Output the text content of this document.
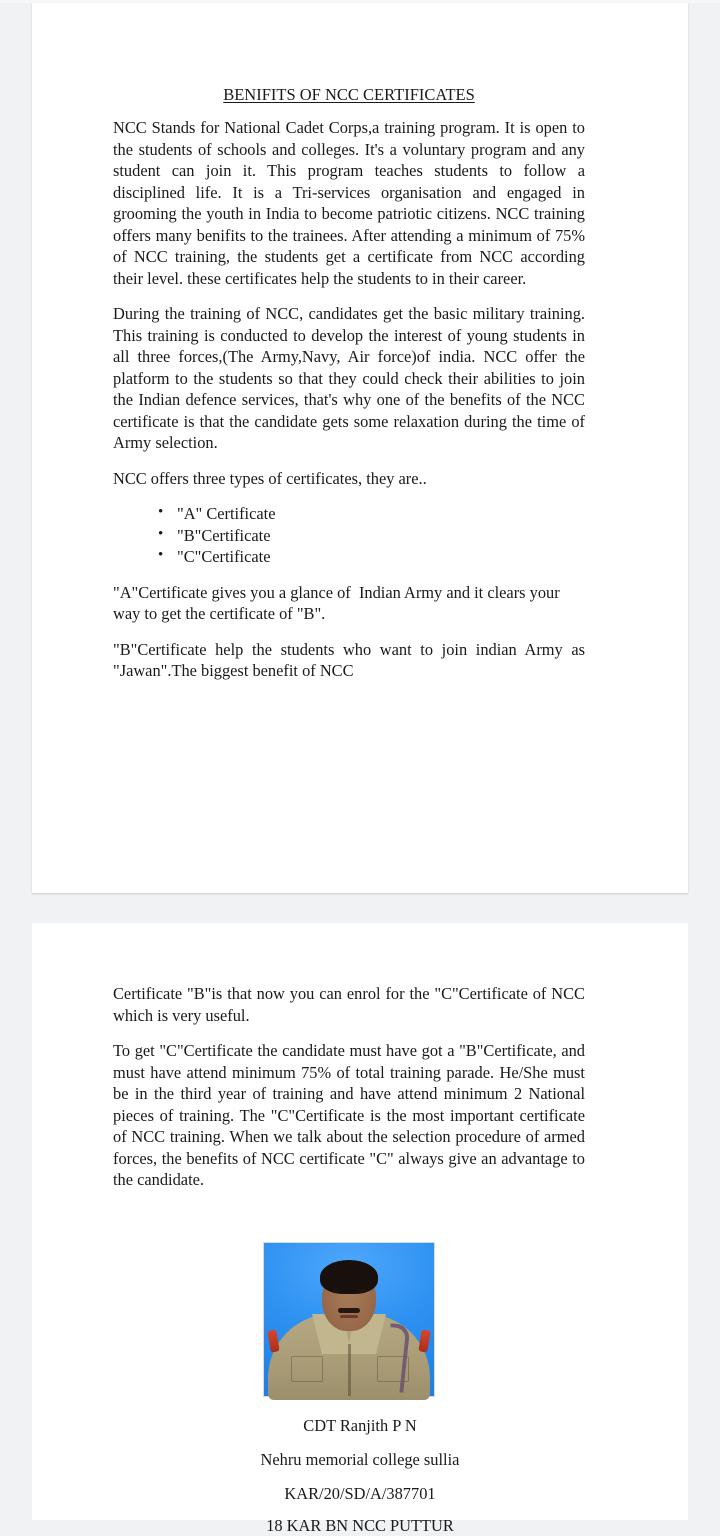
BENIFITS OF NCC CERTIFICATES

NCC Stands for National Cadet Corps,a training program. It is open to the students of schools and colleges. It's a voluntary program and any student can join it. This program teaches students to follow a disciplined life. It is a Tri-services organisation and engaged in grooming the youth in India to become patriotic citizens. NCC training offers many benifits to the trainees. After attending a minimum of 75% of NCC training, the students get a certificate from NCC according their level. these certificates help the students to in their career.

During the training of NCC, candidates get the basic military training. This training is conducted to develop the interest of young students in all three forces,(The Army,Navy, Air force)of india. NCC offer the platform to the students so that they could check their abilities to join the Indian defence services, that's why one of the benefits of the NCC certificate is that the candidate gets some relaxation during the time of Army selection.

NCC offers three types of certificates, they are..

• "A" Certificate
• "B"Certificate
• "C"Certificate

"A"Certificate gives you a glance of  Indian Army and it clears your way to get the certificate of "B".

"B"Certificate help the students who want to join indian Army as "Jawan".The biggest benefit of NCC

Certificate "B"is that now you can enrol for the "C"Certificate of NCC which is very useful.

To get "C"Certificate the candidate must have got a "B"Certificate, and must have attend minimum 75% of total training parade. He/She must be in the third year of training and have attend minimum 2 National pieces of training. The "C"Certificate is the most important certificate of NCC training. When we talk about the selection procedure of armed forces, the benefits of NCC certificate "C" always give an advantage to the candidate.

CDT Ranjith P N
Nehru memorial college sullia
KAR/20/SD/A/387701
18 KAR BN NCC PUTTUR
